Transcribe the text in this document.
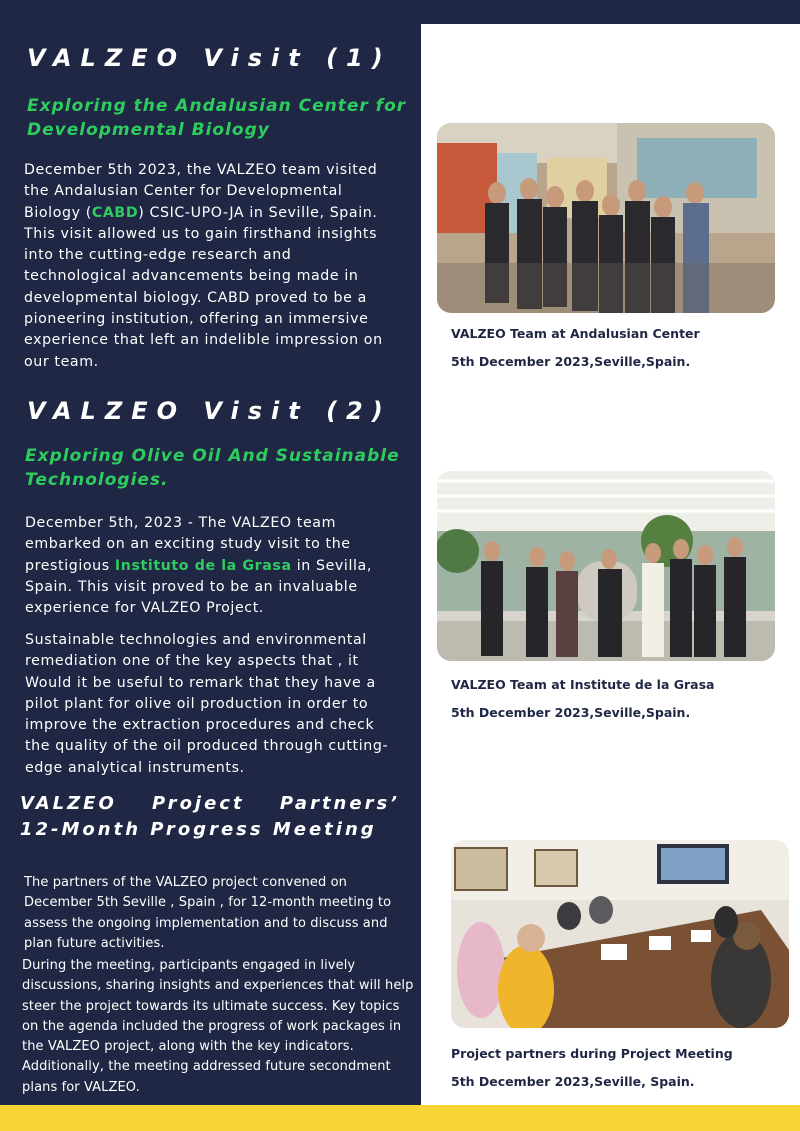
VALZEO Visit (1)

Exploring the Andalusian Center for Developmental Biology

December 5th 2023, the VALZEO team visited the Andalusian Center for Developmental Biology (CABD) CSIC-UPO-JA in Seville, Spain. This visit allowed us to gain firsthand insights into the cutting-edge research and technological advancements being made in developmental biology. CABD proved to be a pioneering institution, offering an immersive experience that left an indelible impression on our team.

VALZEO Visit (2)

Exploring Olive Oil And Sustainable Technologies.

December 5th, 2023 - The VALZEO team embarked on an exciting study visit to the prestigious Instituto de la Grasa in Sevilla, Spain. This visit proved to be an invaluable experience for VALZEO Project.

Sustainable technologies and environmental remediation one of the key aspects that , it Would it be useful to remark that they have a pilot plant for olive oil production in order to improve the extraction procedures and check the quality of the oil produced through cutting-edge analytical instruments.

VALZEO Project Partners’
12-Month Progress Meeting

The partners of the VALZEO project convened on December 5th Seville , Spain , for 12-month meeting to assess the ongoing implementation and to discuss and plan future activities.

During the meeting, participants engaged in lively discussions, sharing insights and experiences that will help steer the project towards its ultimate success. Key topics on the agenda included the progress of work packages in the VALZEO project, along with the key indicators. Additionally, the meeting addressed future secondment plans for VALZEO.

VALZEO Team at Andalusian Center

5th December 2023,Seville,Spain.

VALZEO Team at Institute de la Grasa

5th December 2023,Seville,Spain.

Project partners during Project Meeting

5th December 2023,Seville, Spain.
